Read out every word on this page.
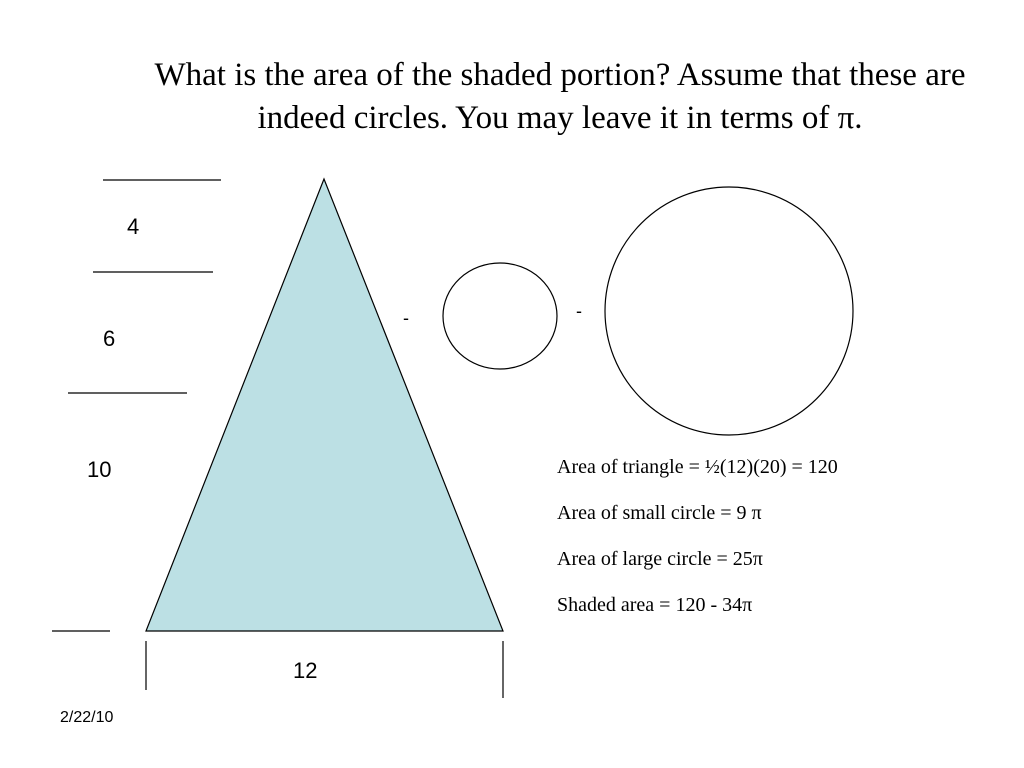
What is the area of the shaded portion? Assume that these are indeed circles. You may leave it in terms of π.
4
6
10
12
-	-
Area of triangle = ½(12)(20) = 120
Area of small circle = 9 π
Area of large circle = 25π
Shaded area = 120 - 34π
2/22/10
